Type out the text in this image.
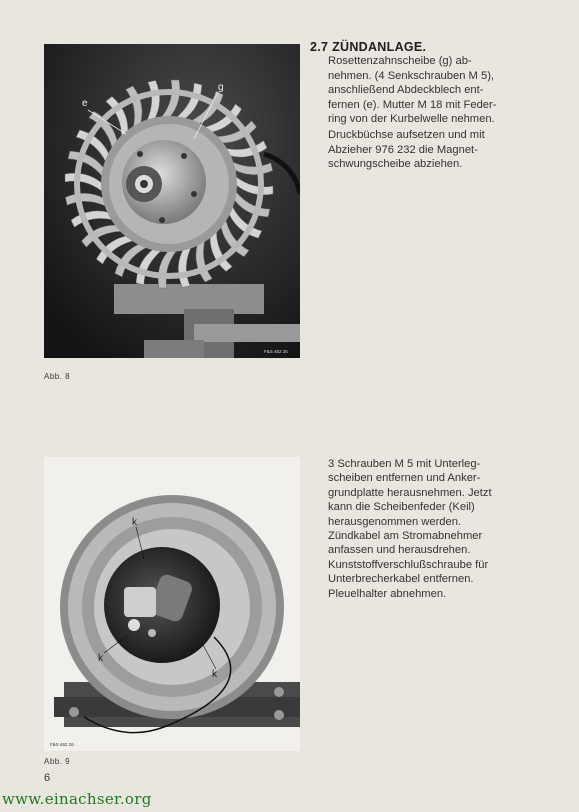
e
g
F&S 462 25
Abb. 8
2.7 ZÜNDANLAGE.

Rosettenzahnscheibe (g) ab-
nehmen. (4 Senkschrauben M 5),
anschließend Abdeckblech ent-
fernen (e). Mutter M 18 mit Feder-
ring von der Kurbelwelle nehmen.

Druckbüchse aufsetzen und mit
Abzieher 976 232 die Magnet-
schwungscheibe abziehen.

k
k
k
F&S 462 26
Abb. 9

3 Schrauben M 5 mit Unterleg-
scheiben entfernen und Anker-
grundplatte herausnehmen. Jetzt
kann die Scheibenfeder (Keil)
herausgenommen werden.
Zündkabel am Stromabnehmer
anfassen und herausdrehen.
Kunststoffverschlußschraube für
Unterbrecherkabel entfernen.
Pleuelhalter abnehmen.

6
www.einachser.org
